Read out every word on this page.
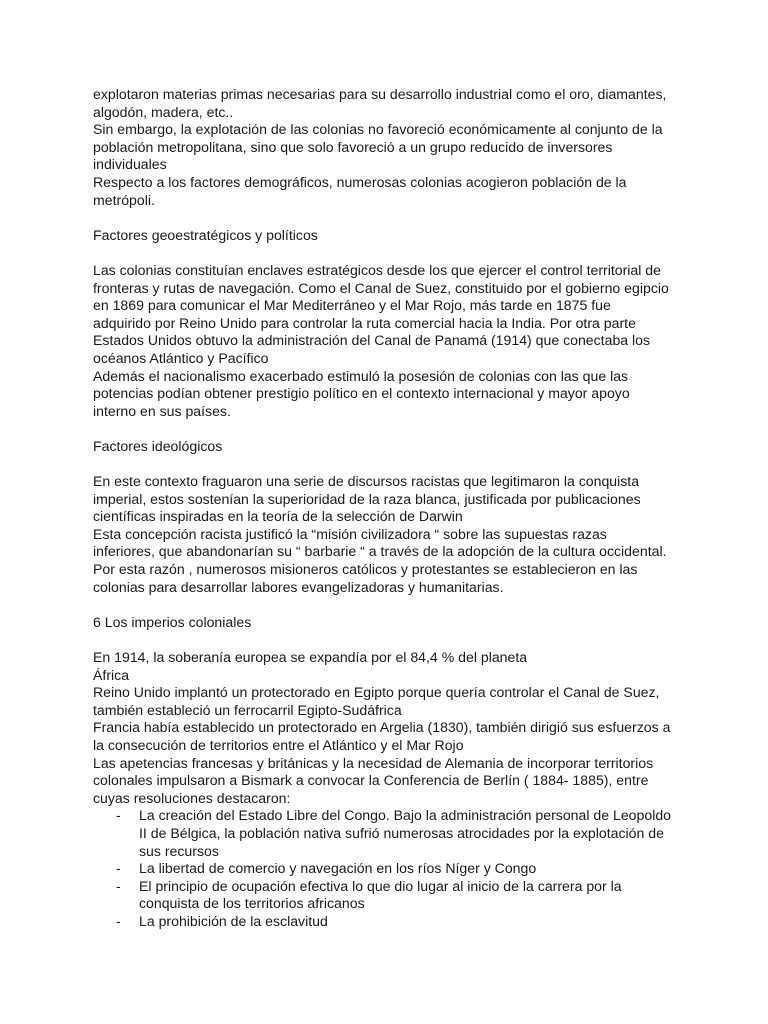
explotaron materias primas necesarias para su desarrollo industrial como el oro, diamantes,
algodón, madera, etc..
Sin embargo, la explotación de las colonias no favoreció económicamente al conjunto de la
población metropolitana, sino que solo favoreció a un grupo reducido de inversores
individuales
Respecto a los factores demográficos, numerosas colonias acogieron población de la
metrópoli.
Factores geoestratégicos y políticos
Las colonias constituían enclaves estratégicos desde los que ejercer el control territorial de
fronteras y rutas de navegación. Como el Canal de Suez, constituido por el gobierno egipcio
en 1869 para comunicar el Mar Mediterráneo y el Mar Rojo, más tarde en 1875 fue
adquirido por Reino Unido para controlar la ruta comercial hacia la India. Por otra parte
Estados Unidos obtuvo la administración del Canal de Panamá (1914) que conectaba los
océanos Atlántico y Pacífico
Además el nacionalismo exacerbado estimuló la posesión de colonias con las que las
potencias podían obtener prestigio político en el contexto internacional y mayor apoyo
interno en sus países.
Factores ideológicos
En este contexto fraguaron una serie de discursos racistas que legitimaron la conquista
imperial, estos sostenían la superioridad de la raza blanca, justificada por publicaciones
científicas inspiradas en la teoría de la selección de Darwin
Esta concepción racista justificó la “misión civilizadora “ sobre las supuestas razas
inferiores, que abandonarían su “ barbarie “ a través de la adopción de la cultura occidental.
Por esta razón , numerosos misioneros católicos y protestantes se establecieron en las
colonias para desarrollar labores evangelizadoras y humanitarias.
6 Los imperios coloniales
En 1914, la soberanía europea se expandía por el 84,4 % del planeta
África
Reino Unido implantó un protectorado en Egipto porque quería controlar el Canal de Suez,
también estableció un ferrocarril Egipto-Sudáfrica
Francia había establecido un protectorado en Argelia (1830), también dirigió sus esfuerzos a
la consecución de territorios entre el Atlántico y el Mar Rojo
Las apetencias francesas y británicas y la necesidad de Alemania de incorporar territorios
colonales impulsaron a Bismark a convocar la Conferencia de Berlín ( 1884- 1885), entre
cuyas resoluciones destacaron:
- La creación del Estado Libre del Congo. Bajo la administración personal de Leopoldo
II de Bélgica, la población nativa sufrió numerosas atrocidades por la explotación de
sus recursos
- La libertad de comercio y navegación en los ríos Níger y Congo
- El principio de ocupación efectiva lo que dio lugar al inicio de la carrera por la
conquista de los territorios africanos
- La prohibición de la esclavitud
